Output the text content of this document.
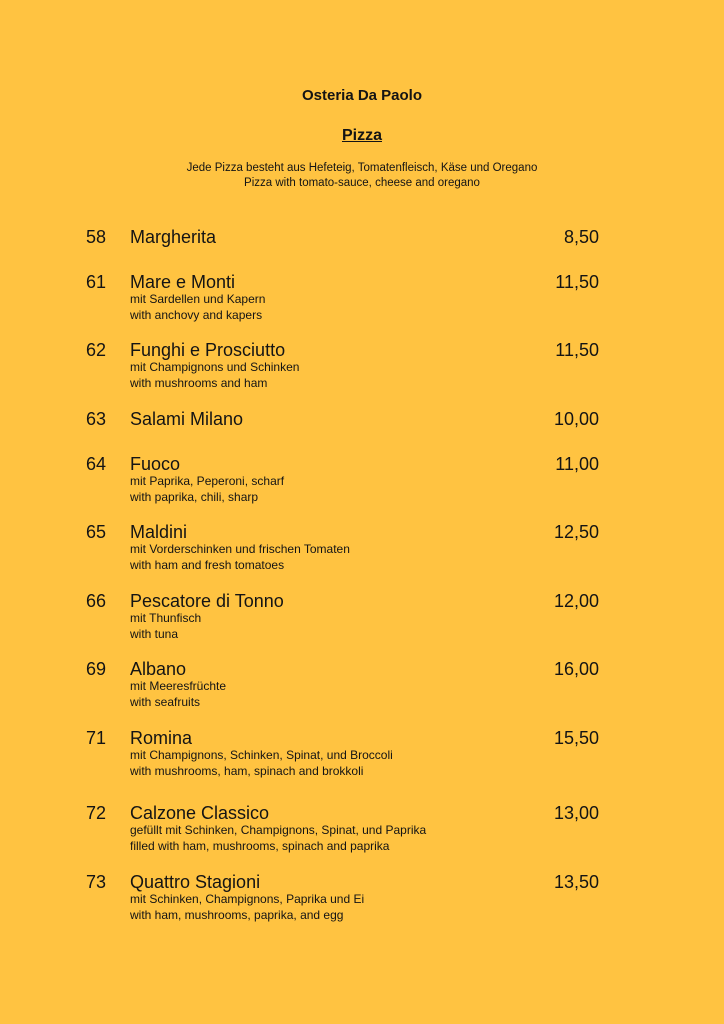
Osteria Da Paolo
Pizza
Jede Pizza besteht aus Hefeteig, Tomatenfleisch, Käse und Oregano
Pizza with tomato-sauce, cheese and oregano
58 Margherita	8,50
61 Mare e Monti	11,50
mit Sardellen und Kapern
with anchovy and kapers
62 Funghi e Prosciutto	11,50
mit Champignons und Schinken
with mushrooms and ham
63 Salami Milano	10,00
64 Fuoco	11,00
mit Paprika, Peperoni, scharf
with paprika, chili, sharp
65 Maldini	12,50
mit Vorderschinken und frischen Tomaten
with ham and fresh tomatoes
66 Pescatore di Tonno	12,00
mit Thunfisch
with tuna
69 Albano	16,00
mit Meeresfrüchte
with seafruits
71 Romina	15,50
mit Champignons, Schinken, Spinat, und Broccoli
with mushrooms, ham, spinach and brokkoli
72 Calzone Classico	13,00
gefüllt mit Schinken, Champignons, Spinat, und Paprika
filled with ham, mushrooms, spinach and paprika
73 Quattro Stagioni	13,50
mit Schinken, Champignons, Paprika und Ei
with ham, mushrooms, paprika, and egg
